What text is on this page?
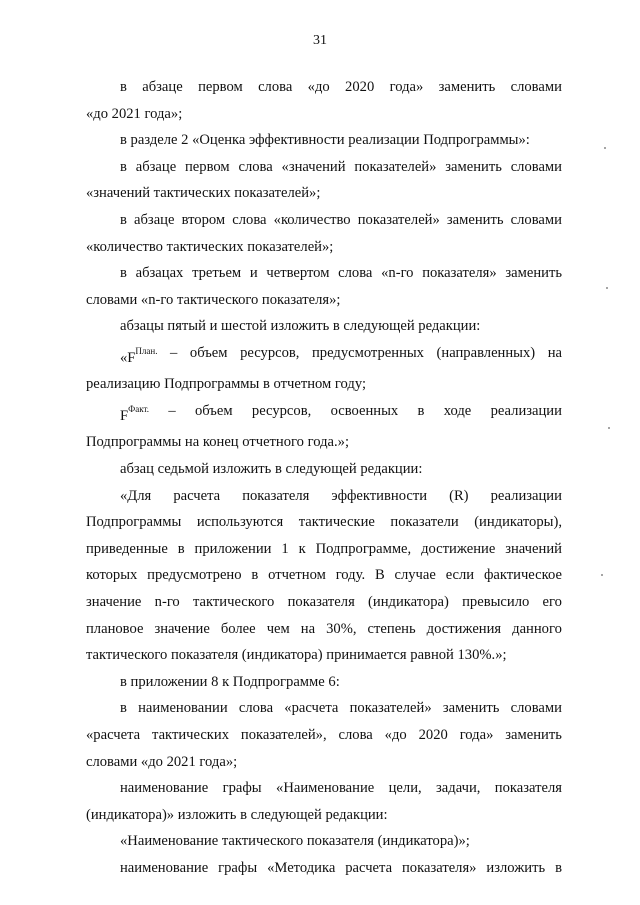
31
в абзаце первом слова «до 2020 года» заменить словами
«до 2021 года»;
в разделе 2 «Оценка эффективности реализации Подпрограммы»:
в абзаце первом слова «значений показателей» заменить словами
«значений тактических показателей»;
в абзаце втором слова «количество показателей» заменить словами
«количество тактических показателей»;
в абзацах третьем и четвертом слова «n-го показателя» заменить
словами «n-го тактического показателя»;
абзацы пятый и шестой изложить в следующей редакции:
«$F^{План.}$ – объем ресурсов, предусмотренных (направленных) на
реализацию Подпрограммы в отчетном году;
$F^{Факт.}$ – объем ресурсов, освоенных в ходе реализации
Подпрограммы на конец отчетного года.»;
абзац седьмой изложить в следующей редакции:
«Для расчета показателя эффективности (R) реализации
Подпрограммы используются тактические показатели (индикаторы),
приведенные в приложении 1 к Подпрограмме, достижение значений
которых предусмотрено в отчетном году. В случае если фактическое
значение n-го тактического показателя (индикатора) превысило его
плановое значение более чем на 30%, степень достижения данного
тактического показателя (индикатора) принимается равной 130%.»;
в приложении 8 к Подпрограмме 6:
в наименовании слова «расчета показателей» заменить словами
«расчета тактических показателей», слова «до 2020 года» заменить
словами «до 2021 года»;
наименование графы «Наименование цели, задачи, показателя
(индикатора)» изложить в следующей редакции:
«Наименование тактического показателя (индикатора)»;
наименование графы «Методика расчета показателя» изложить в
